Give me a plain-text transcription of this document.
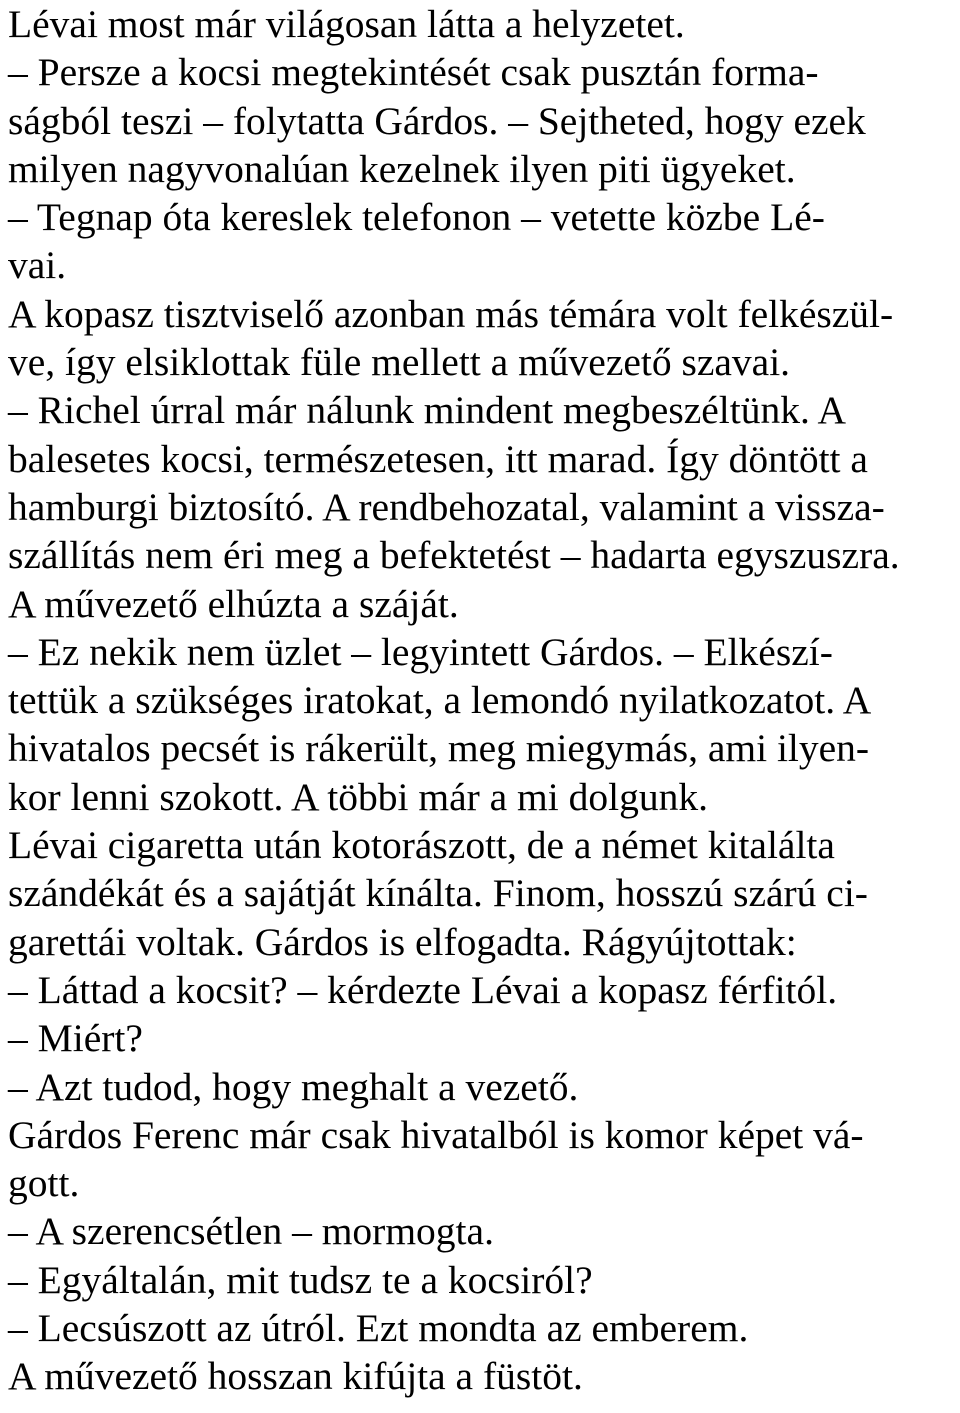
Lévai most már világosan látta a helyzetet.

– Persze a kocsi megtekintését csak pusztán forma-

ságból teszi – folytatta Gárdos. – Sejtheted, hogy ezek

milyen nagyvonalúan kezelnek ilyen piti ügyeket.

– Tegnap óta kereslek telefonon – vetette közbe Lé-

vai.

A kopasz tisztviselő azonban más témára volt felkészül-

ve, így elsiklottak füle mellett a művezető szavai.

– Richel úrral már nálunk mindent megbeszéltünk. A

balesetes kocsi, természetesen, itt marad. Így döntött a

hamburgi biztosító. A rendbehozatal, valamint a vissza-

szállítás nem éri meg a befektetést – hadarta egyszuszra.

A művezető elhúzta a száját.

– Ez nekik nem üzlet – legyintett Gárdos. – Elkészí-

tettük a szükséges iratokat, a lemondó nyilatkozatot. A

hivatalos pecsét is rákerült, meg miegymás, ami ilyen-

kor lenni szokott. A többi már a mi dolgunk.

Lévai cigaretta után kotorászott, de a német kitalálta

szándékát és a sajátját kínálta. Finom, hosszú szárú ci-

garettái voltak. Gárdos is elfogadta. Rágyújtottak:

– Láttad a kocsit? – kérdezte Lévai a kopasz férfitól.

– Miért?

– Azt tudod, hogy meghalt a vezető.

Gárdos Ferenc már csak hivatalból is komor képet vá-

gott.

– A szerencsétlen – mormogta.

– Egyáltalán, mit tudsz te a kocsiról?

– Lecsúszott az útról. Ezt mondta az emberem.

A művezető hosszan kifújta a füstöt.
